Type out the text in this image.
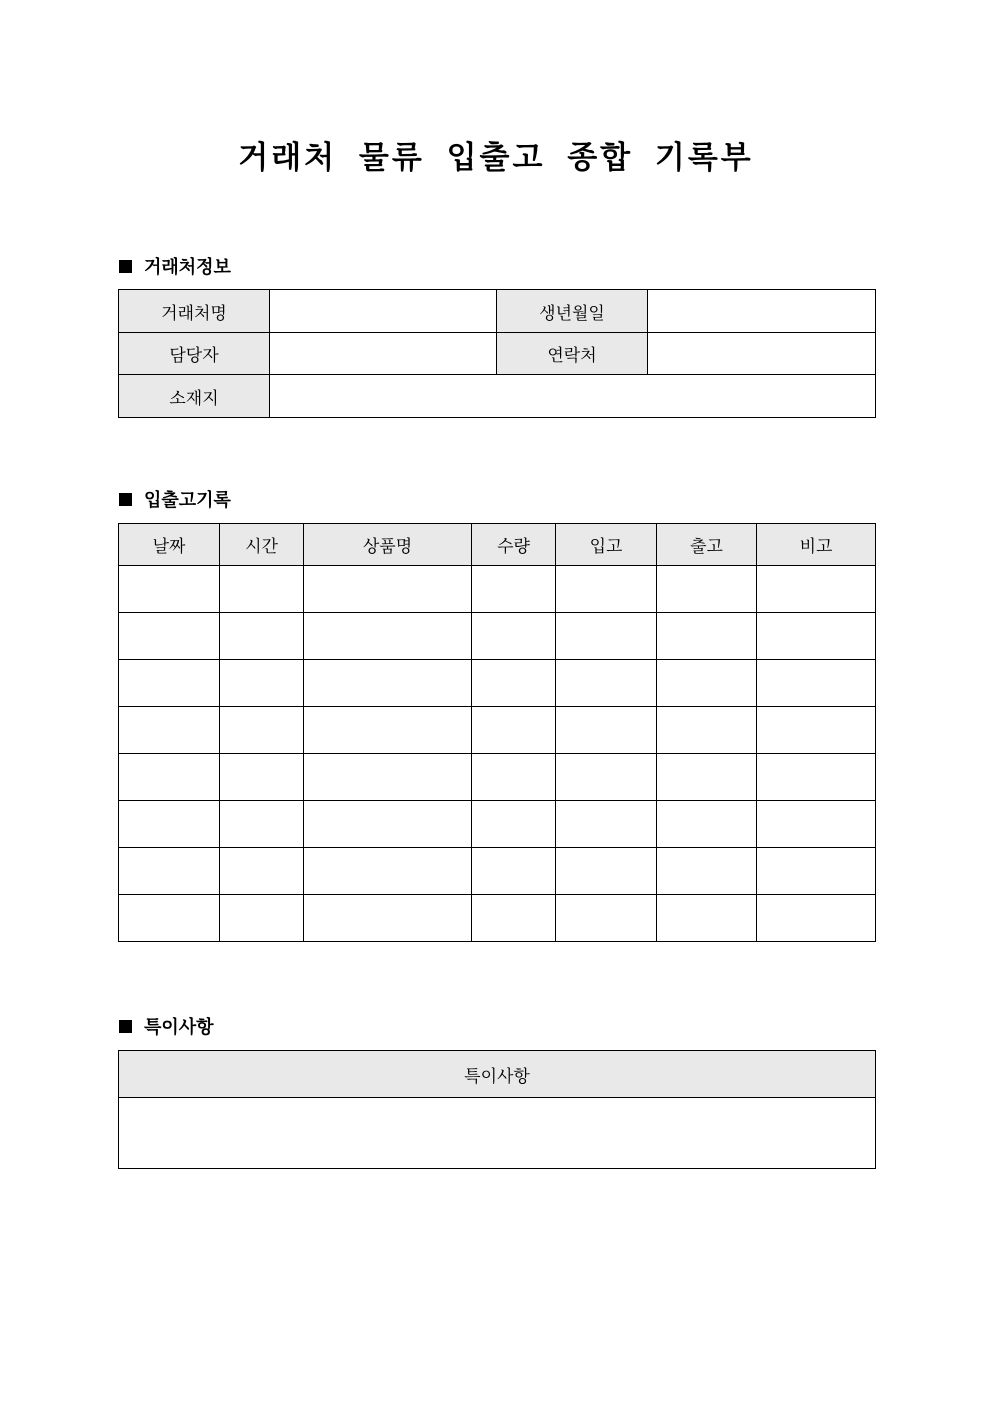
거래처 물류 입출고 종합 기록부
거래처정보
거래처명		생년월일	
담당자		연락처	
소재지			
입출고기록
날짜	시간	상품명	수량	입고	출고	비고

특이사항
특이사항
